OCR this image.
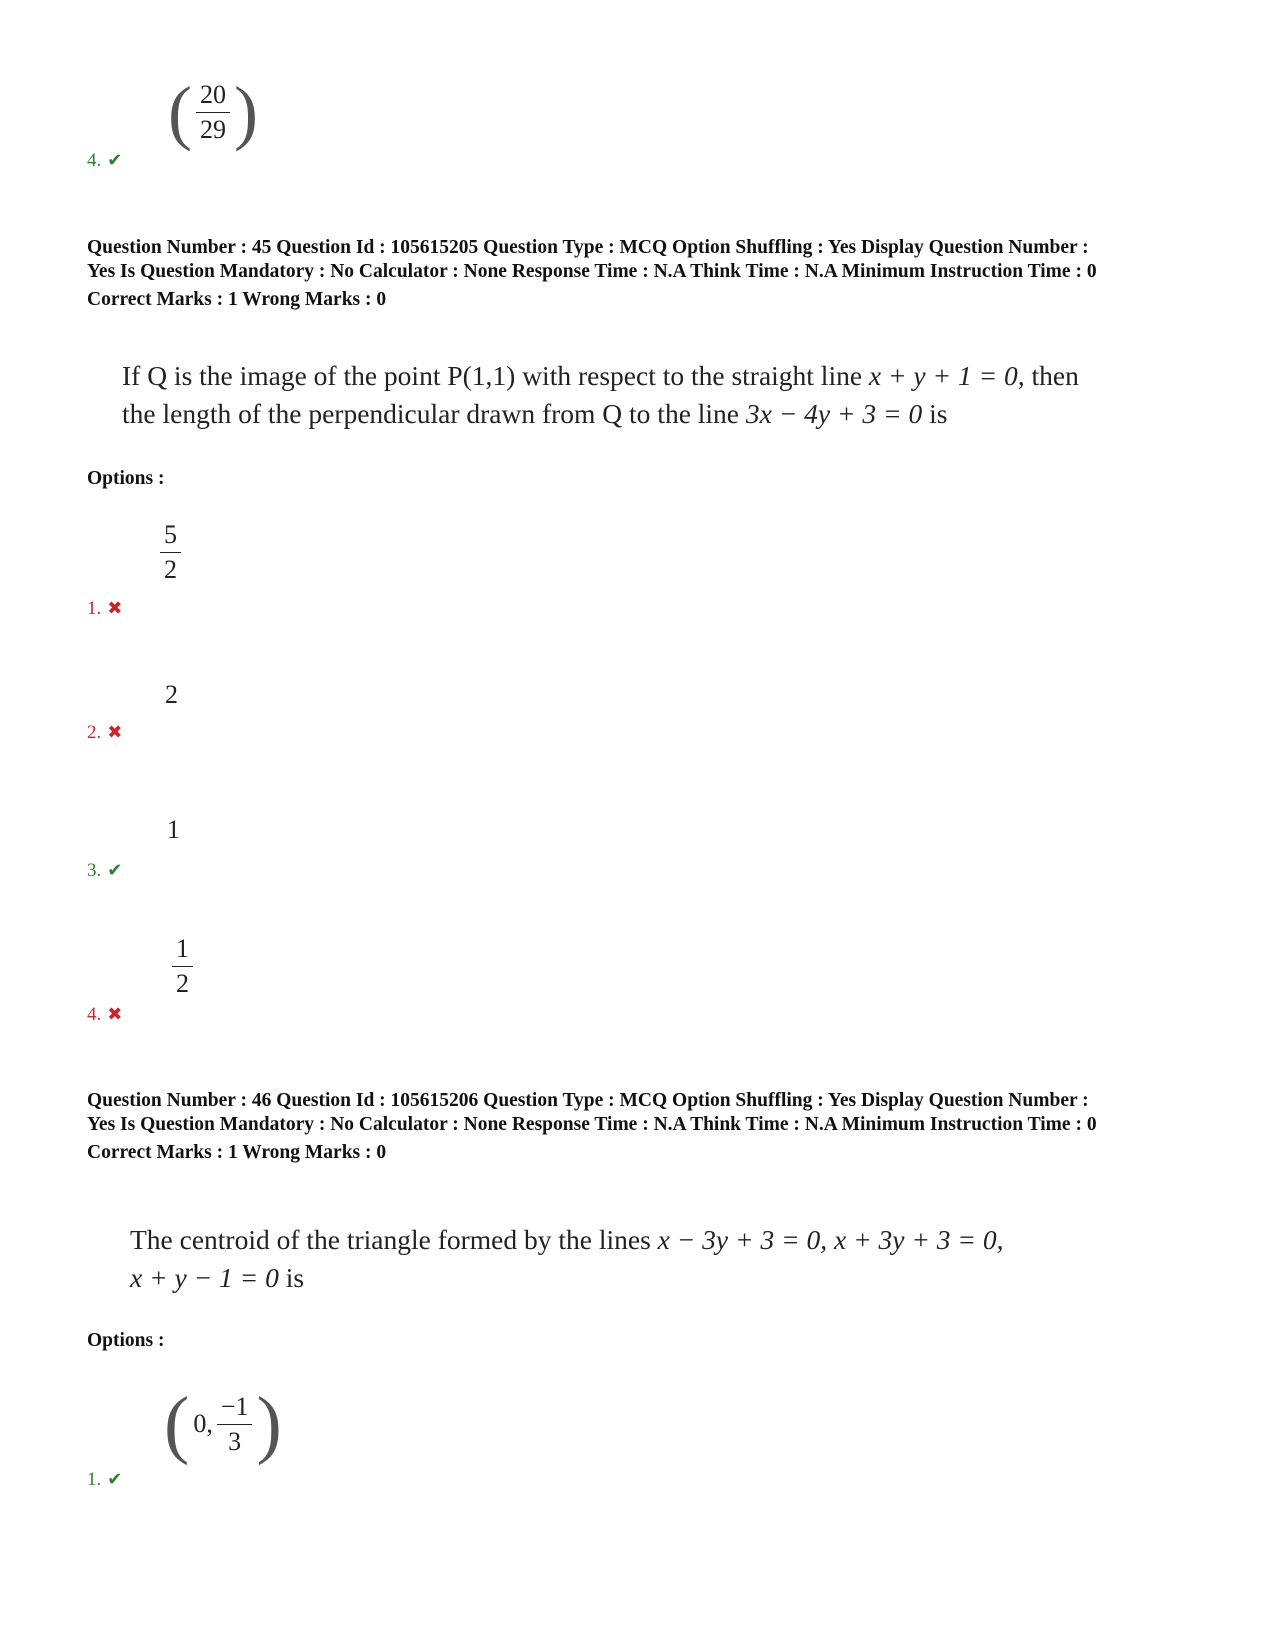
( $\frac{20}{29}$ )
4. ✔
Question Number : 45 Question Id : 105615205 Question Type : MCQ Option Shuffling : Yes Display Question Number :
Yes Is Question Mandatory : No Calculator : None Response Time : N.A Think Time : N.A Minimum Instruction Time : 0
Correct Marks : 1 Wrong Marks : 0
If Q is the image of the point P(1,1) with respect to the straight line x + y + 1 = 0, then
the length of the perpendicular drawn from Q to the line 3x − 4y + 3 = 0 is
Options :
5
2
1. ✖
2
2. ✖
1
3. ✔
1
2
4. ✖
Question Number : 46 Question Id : 105615206 Question Type : MCQ Option Shuffling : Yes Display Question Number :
Yes Is Question Mandatory : No Calculator : None Response Time : N.A Think Time : N.A Minimum Instruction Time : 0
Correct Marks : 1 Wrong Marks : 0
The centroid of the triangle formed by the lines x − 3y + 3 = 0, x + 3y + 3 = 0,
x + y − 1 = 0 is
Options :
( 0, $\frac{-1}{3}$ )
1. ✔
